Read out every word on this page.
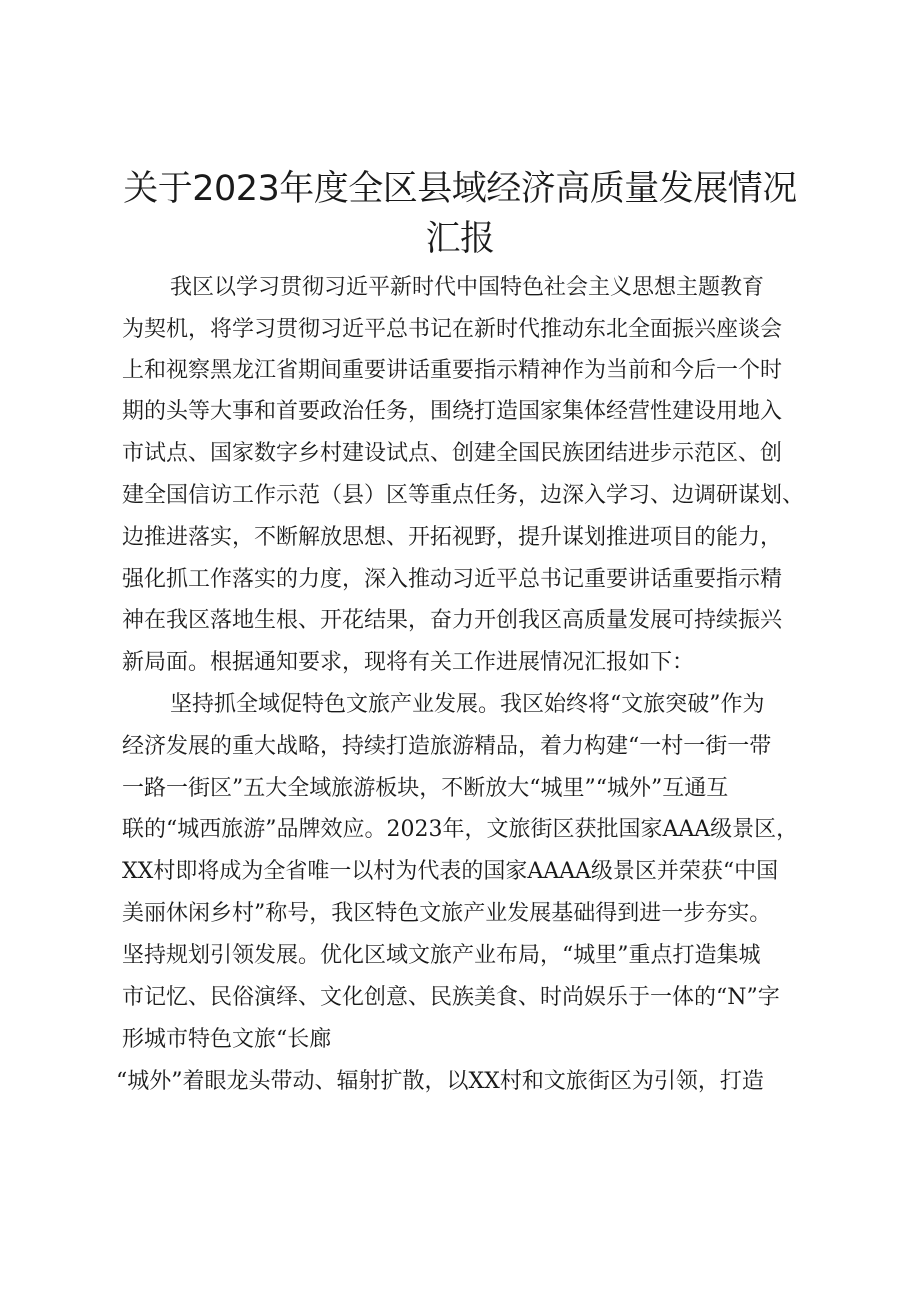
关于2023年度全区县域经济高质量发展情况
汇报

我区以学习贯彻习近平新时代中国特色社会主义思想主题教育

为契机，将学习贯彻习近平总书记在新时代推动东北全面振兴座谈会

上和视察黑龙江省期间重要讲话重要指示精神作为当前和今后一个时

期的头等大事和首要政治任务，围绕打造国家集体经营性建设用地入

市试点、国家数字乡村建设试点、创建全国民族团结进步示范区、创

建全国信访工作示范（县）区等重点任务，边深入学习、边调研谋划、

边推进落实，不断解放思想、开拓视野，提升谋划推进项目的能力，

强化抓工作落实的力度，深入推动习近平总书记重要讲话重要指示精

神在我区落地生根、开花结果，奋力开创我区高质量发展可持续振兴

新局面。根据通知要求，现将有关工作进展情况汇报如下：

坚持抓全域促特色文旅产业发展。我区始终将“文旅突破”作为

经济发展的重大战略，持续打造旅游精品，着力构建“一村一街一带

一路一街区”五大全域旅游板块，不断放大“城里”“城外”互通互

联的“城西旅游”品牌效应。2023年，文旅街区获批国家AAA级景区，

XX村即将成为全省唯一以村为代表的国家AAAA级景区并荣获“中国

美丽休闲乡村”称号，我区特色文旅产业发展基础得到进一步夯实。

坚持规划引领发展。优化区域文旅产业布局，“城里”重点打造集城

市记忆、民俗演绎、文化创意、民族美食、时尚娱乐于一体的“N”字

形城市特色文旅“长廊

“城外”着眼龙头带动、辐射扩散，以XX村和文旅街区为引领，打造
